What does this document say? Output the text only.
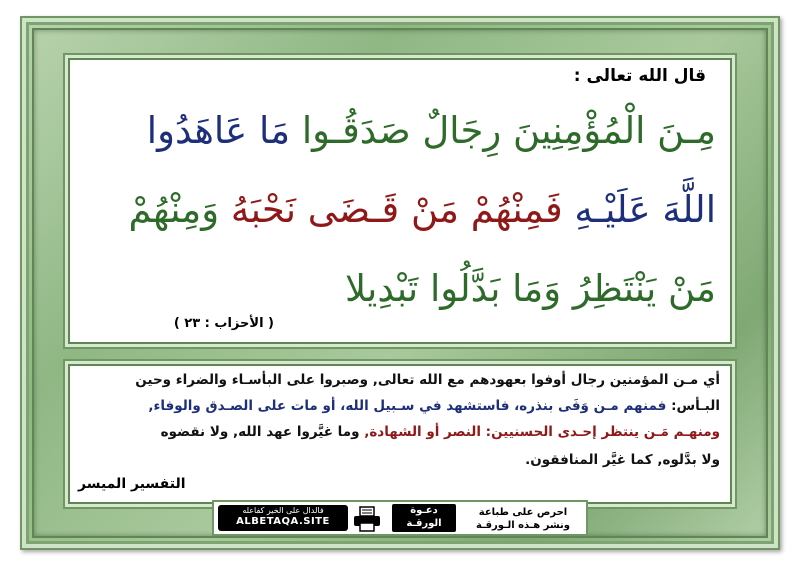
قال الله تعالى :
مِـنَ الْمُؤْمِنِينَ رِجَالٌ صَدَقُـوا مَا عَاهَدُوا
اللَّهَ عَلَيْـهِ فَمِنْهُمْ مَنْ قَـضَى نَحْبَهُ وَمِنْهُمْ
مَنْ يَنْتَظِرُ وَمَا بَدَّلُوا تَبْدِيلا
( الأحزاب : ٢٣ )
أي مـن المؤمنين رجال أوفوا بعهودهم مع الله تعالى, وصبروا على البأسـاء والضراء وحين
البـأس: فمنهم مـن وَفَى بنذره، فاستشهد في سـبيل الله، أو مات على الصـدق والوفاء,
ومنهـم مَـن ينتظر إحـدى الحسنيين: النصر أو الشهادة, وما غيَّروا عهد الله, ولا نقضوه
ولا بدَّلوه, كما غيَّر المنافقون.
التفسير الميسر
فالدال على الخير كفاعله
ALBETAQA.SITE
دعـوة
الورقـة
احرص على طباعة
ونشر هـذه الـورقـة
